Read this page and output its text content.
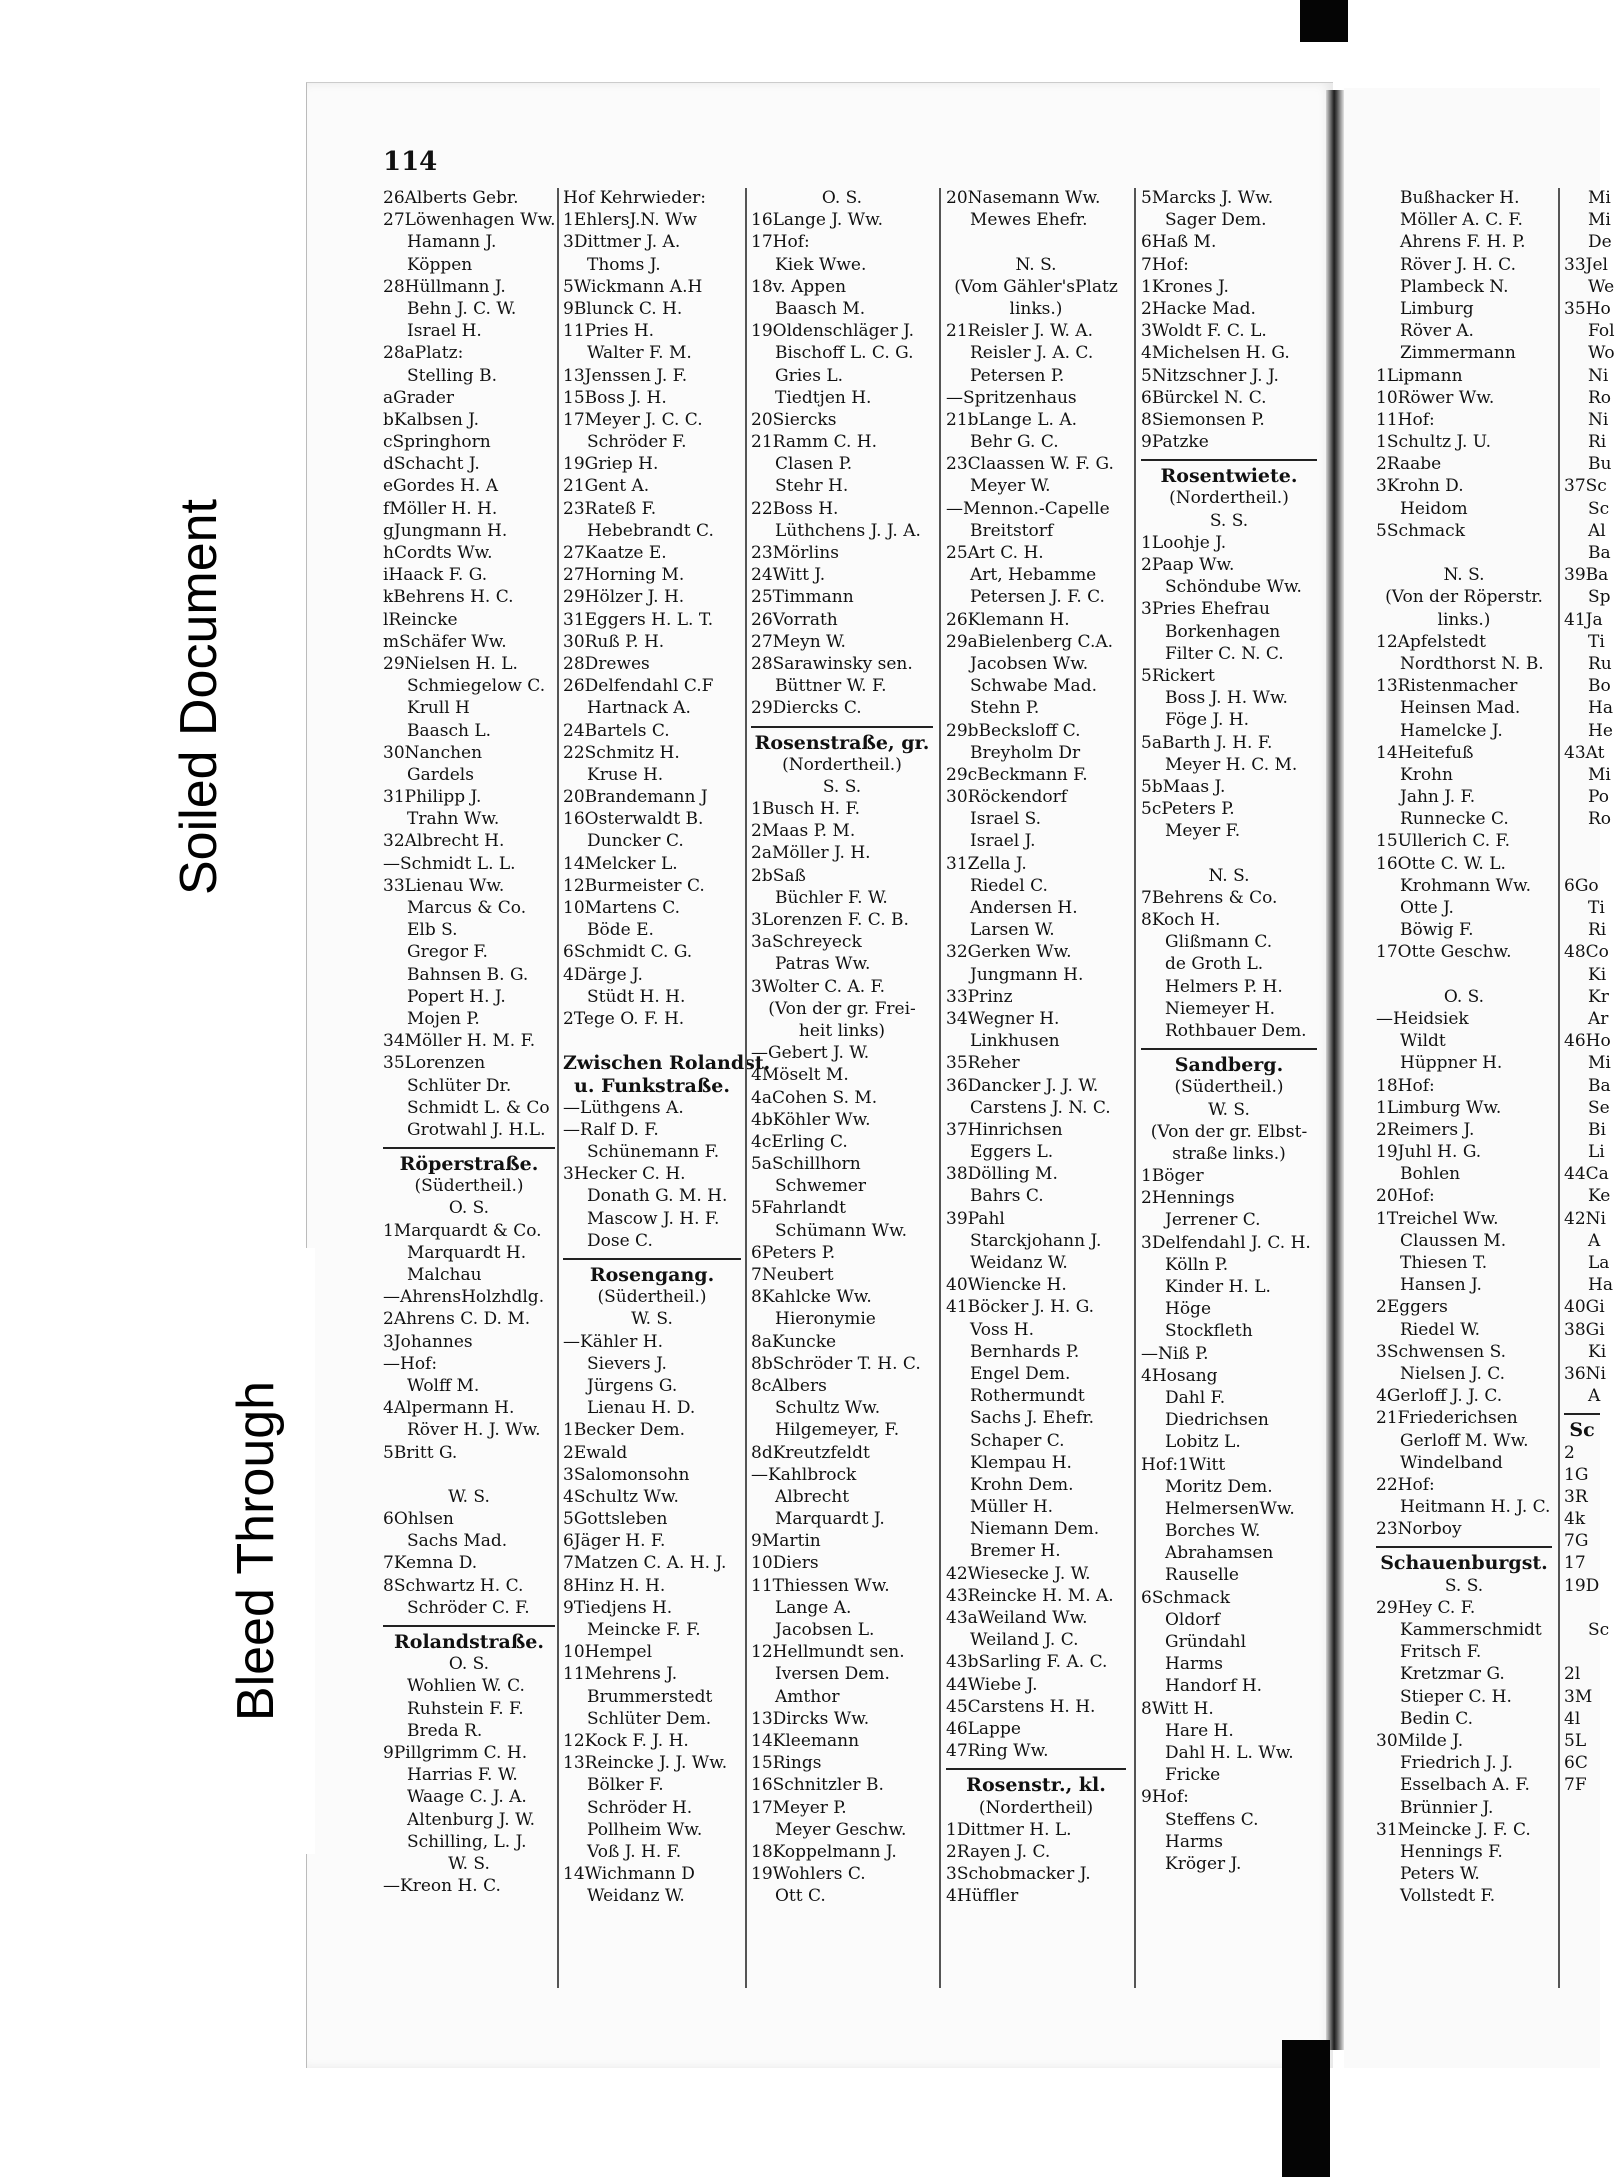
114
26Alberts Gebr.
27Löwenhagen Ww.
Hamann J.
Köppen
28Hüllmann J.
Behn J. C. W.
Israel H.
28aPlatz:
Stelling B.
aGrader
bKalbsen J.
cSpringhorn
dSchacht J.
eGordes H. A
fMöller H. H.
gJungmann H.
hCordts Ww.
iHaack F. G.
kBehrens H. C.
lReincke
mSchäfer Ww.
29Nielsen H. L.
Schmiegelow C.
Krull H
Baasch L.
30Nanchen
Gardels
31Philipp J.
Trahn Ww.
32Albrecht H.
—Schmidt L. L.
33Lienau Ww.
Marcus & Co.
Elb S.
Gregor F.
Bahnsen B. G.
Popert H. J.
Mojen P.
34Möller H. M. F.
35Lorenzen
Schlüter Dr.
Schmidt L. & Co
Grotwahl J. H.L.
Röperstraße.
(Südertheil.)
O. S.
1Marquardt & Co.
Marquardt H.
Malchau
—AhrensHolzhdlg.
2Ahrens C. D. M.
3Johannes
—Hof:
Wolff M.
4Alpermann H.
Röver H. J. Ww.
5Britt G.
W. S.
6Ohlsen
Sachs Mad.
7Kemna D.
8Schwartz H. C.
Schröder C. F.
Rolandstraße.
O. S.
Wohlien W. C.
Ruhstein F. F.
Breda R.
9Pillgrimm C. H.
Harrias F. W.
Waage C. J. A.
Altenburg J. W.
Schilling, L. J.
W. S.
—Kreon H. C.
Hof Kehrwieder:
1EhlersJ.N. Ww
3Dittmer J. A.
Thoms J.
5Wickmann A.H
9Blunck C. H.
11Pries H.
Walter F. M.
13Jenssen J. F.
15Boss J. H.
17Meyer J. C. C.
Schröder F.
19Griep H.
21Gent A.
23Rateß F.
Hebebrandt C.
27Kaatze E.
27Horning M.
29Hölzer J. H.
31Eggers H. L. T.
30Ruß P. H.
28Drewes
26Delfendahl C.F
Hartnack A.
24Bartels C.
22Schmitz H.
Kruse H.
20Brandemann J
16Osterwaldt B.
Duncker C.
14Melcker L.
12Burmeister C.
10Martens C.
Böde E.
6Schmidt C. G.
4Därge J.
Stüdt H. H.
2Tege O. F. H.
Zwischen Rolandst.
u. Funkstraße.
—Lüthgens A.
—Ralf D. F.
Schünemann F.
3Hecker C. H.
Donath G. M. H.
Mascow J. H. F.
Dose C.
Rosengang.
(Südertheil.)
W. S.
—Kähler H.
Sievers J.
Jürgens G.
Lienau H. D.
1Becker Dem.
2Ewald
3Salomonsohn
4Schultz Ww.
5Gottsleben
6Jäger H. F.
7Matzen C. A. H. J.
8Hinz H. H.
9Tiedjens H.
Meincke F. F.
10Hempel
11Mehrens J.
Brummerstedt
Schlüter Dem.
12Kock F. J. H.
13Reincke J. J. Ww.
Bölker F.
Schröder H.
Pollheim Ww.
Voß J. H. F.
14Wichmann D
Weidanz W.
O. S.
16Lange J. Ww.
17Hof:
Kiek Wwe.
18v. Appen
Baasch M.
19Oldenschläger J.
Bischoff L. C. G.
Gries L.
Tiedtjen H.
20Siercks
21Ramm C. H.
Clasen P.
Stehr H.
22Boss H.
Lüthchens J. J. A.
23Mörlins
24Witt J.
25Timmann
26Vorrath
27Meyn W.
28Sarawinsky sen.
Büttner W. F.
29Diercks C.
Rosenstraße, gr.
(Nordertheil.)
S. S.
1Busch H. F.
2Maas P. M.
2aMöller J. H.
2bSaß
Büchler F. W.
3Lorenzen F. C. B.
3aSchreyeck
Patras Ww.
3Wolter C. A. F.
(Von der gr. Frei-
heit links)
—Gebert J. W.
4Möselt M.
4aCohen S. M.
4bKöhler Ww.
4cErling C.
5aSchillhorn
Schwemer
5Fahrlandt
Schümann Ww.
6Peters P.
7Neubert
8Kahlcke Ww.
Hieronymie
8aKuncke
8bSchröder T. H. C.
8cAlbers
Schultz Ww.
Hilgemeyer, F.
8dKreutzfeldt
—Kahlbrock
Albrecht
Marquardt J.
9Martin
10Diers
11Thiessen Ww.
Lange A.
Jacobsen L.
12Hellmundt sen.
Iversen Dem.
Amthor
13Dircks Ww.
14Kleemann
15Rings
16Schnitzler B.
17Meyer P.
Meyer Geschw.
18Koppelmann J.
19Wohlers C.
Ott C.
20Nasemann Ww.
Mewes Ehefr.
N. S.
(Vom Gähler'sPlatz
links.)
21Reisler J. W. A.
Reisler J. A. C.
Petersen P.
—Spritzenhaus
21bLange L. A.
Behr G. C.
23Claassen W. F. G.
Meyer W.
—Mennon.-Capelle
Breitstorf
25Art C. H.
Art, Hebamme
Petersen J. F. C.
26Klemann H.
29aBielenberg C.A.
Jacobsen Ww.
Schwabe Mad.
Stehn P.
29bBecksloff C.
Breyholm Dr
29cBeckmann F.
30Röckendorf
Israel S.
Israel J.
31Zella J.
Riedel C.
Andersen H.
Larsen W.
32Gerken Ww.
Jungmann H.
33Prinz
34Wegner H.
Linkhusen
35Reher
36Dancker J. J. W.
Carstens J. N. C.
37Hinrichsen
Eggers L.
38Dölling M.
Bahrs C.
39Pahl
Starckjohann J.
Weidanz W.
40Wiencke H.
41Böcker J. H. G.
Voss H.
Bernhards P.
Engel Dem.
Rothermundt
Sachs J. Ehefr.
Schaper C.
Klempau H.
Krohn Dem.
Müller H.
Niemann Dem.
Bremer H.
42Wiesecke J. W.
43Reincke H. M. A.
43aWeiland Ww.
Weiland J. C.
43bSarling F. A. C.
44Wiebe J.
45Carstens H. H.
46Lappe
47Ring Ww.
Rosenstr., kl.
(Nordertheil)
1Dittmer H. L.
2Rayen J. C.
3Schobmacker J.
4Hüffler
5Marcks J. Ww.
Sager Dem.
6Haß M.
7Hof:
1Krones J.
2Hacke Mad.
3Woldt F. C. L.
4Michelsen H. G.
5Nitzschner J. J.
6Bürckel N. C.
8Siemonsen P.
9Patzke
Rosentwiete.
(Nordertheil.)
S. S.
1Loohje J.
2Paap Ww.
Schöndube Ww.
3Pries Ehefrau
Borkenhagen
Filter C. N. C.
5Rickert
Boss J. H. Ww.
Föge J. H.
5aBarth J. H. F.
Meyer H. C. M.
5bMaas J.
5cPeters P.
Meyer F.
N. S.
7Behrens & Co.
8Koch H.
Glißmann C.
de Groth L.
Helmers P. H.
Niemeyer H.
Rothbauer Dem.
Sandberg.
(Südertheil.)
W. S.
(Von der gr. Elbst-
straße links.)
1Böger
2Hennings
Jerrener C.
3Delfendahl J. C. H.
Kölln P.
Kinder H. L.
Höge
Stockfleth
—Niß P.
4Hosang
Dahl F.
Diedrichsen
Lobitz L.
Hof:1Witt
Moritz Dem.
HelmersenWw.
Borches W.
Abrahamsen
Rauselle
6Schmack
Oldorf
Gründahl
Harms
Handorf H.
8Witt H.
Hare H.
Dahl H. L. Ww.
Fricke
9Hof:
Steffens C.
Harms
Kröger J.
Bußhacker H.
Möller A. C. F.
Ahrens F. H. P.
Röver J. H. C.
Plambeck N.
Limburg
Röver A.
Zimmermann
1Lipmann
10Röwer Ww.
11Hof:
1Schultz J. U.
2Raabe
3Krohn D.
Heidom
5Schmack
N. S.
(Von der Röperstr.
links.)
12Apfelstedt
Nordthorst N. B.
13Ristenmacher
Heinsen Mad.
Hamelcke J.
14Heitefuß
Krohn
Jahn J. F.
Runnecke C.
15Ullerich C. F.
16Otte C. W. L.
Krohmann Ww.
Otte J.
Böwig F.
17Otte Geschw.
O. S.
—Heidsiek
Wildt
Hüppner H.
18Hof:
1Limburg Ww.
2Reimers J.
19Juhl H. G.
Bohlen
20Hof:
1Treichel Ww.
Claussen M.
Thiesen T.
Hansen J.
2Eggers
Riedel W.
3Schwensen S.
Nielsen J. C.
4Gerloff J. J. C.
21Friederichsen
Gerloff M. Ww.
Windelband
22Hof:
Heitmann H. J. C.
23Norboy
Schauenburgst.
S. S.
29Hey C. F.
Kammerschmidt
Fritsch F.
Kretzmar G.
Stieper C. H.
Bedin C.
30Milde J.
Friedrich J. J.
Esselbach A. F.
Brünnier J.
31Meincke J. F. C.
Hennings F.
Peters W.
Vollstedt F.
Mi
Mi
De
33Jel
We
35Ho
Fol
Wo
Ni
Ro
Ni
Ri
Bu
37Sc
Sc
Al
Ba
39Ba
Sp
41Ja
Ti
Ru
Bo
Ha
He
43At
Mi
Po
Ro
6Go
Ti
Ri
48Co
Ki
Kr
Ar
46Ho
Mi
Ba
Se
Bi
Li
44Ca
Ke
42Ni
A
La
Ha
40Gi
38Gi
Ki
36Ni
A
Sc
2
1G
3R
4k
7G
17
19D
Sc
2l
3M
4l
5L
6C
7F
Soiled Document
Bleed Through
